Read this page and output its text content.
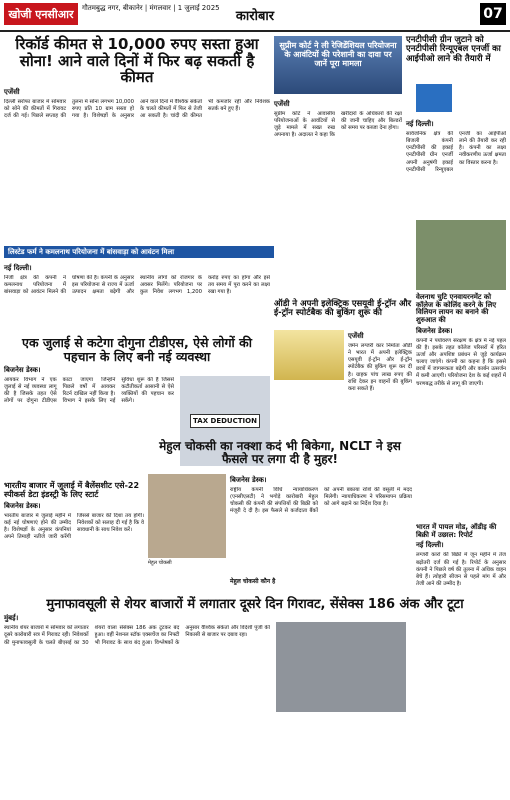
खोजी एनसीआर	गौतमबुद्ध नगर, बीकानेर | मंगलवार | 1 जुलाई 2025
कारोबार	07
रिकॉर्ड कीमत से 10,000 रुपए सस्ता हुआ सोना! आने वाले दिनों में फिर बढ़ सकती है कीमत
एजेंसी
दिल्ली सर्राफा बाजार में सोमवार को सोने की कीमतों में गिरावट दर्ज की गई। पिछले सप्ताह की तुलना में सोना लगभग 10,000 रुपए प्रति 10 ग्राम सस्ता हो गया है। विशेषज्ञों के अनुसार आने वाले दिनों में वैश्विक संकेतों के चलते कीमतों में फिर से तेजी आ सकती है। चांदी की कीमत भी कमजोर रही और निवेशक सतर्क बने हुए हैं।
सुप्रीम कोर्ट ने ली रेजिडेंशियल परियोजना के आवंटियों की परेशानी का दावा पर जानें पूरा मामला
एजेंसी
सुप्रीम कोर्ट ने आवासीय परियोजनाओं के आवंटियों से जुड़े मामले में सख्त रुख अपनाया है। अदालत ने कहा कि खरीदारों के अधिकारों की रक्षा की जानी चाहिए और बिल्डरों को समय पर कब्जा देना होगा।
एनटीपीसी ग्रीन जुटाने को एनटीपीसी रिन्यूएबल एनर्जी का आईपीओ लाने की तैयारी में
नई दिल्ली।
सार्वजनिक क्षेत्र की बिजली कंपनी एनटीपीसी की इकाई एनटीपीसी ग्रीन एनर्जी अपनी अनुषंगी इकाई एनटीपीसी रिन्यूएबल एनर्जी का आईपीओ लाने की तैयारी कर रही है। कंपनी का लक्ष्य नवीकरणीय ऊर्जा क्षमता का विस्तार करना है।
लिस्टेड फर्म ने कमलनाथ परियोजना में बांसवाड़ा को आवंटन मिला
नई दिल्ली।
निजी क्षेत्र की कंपनी ने कमलनाथ परियोजना में बांसवाड़ा को आवंटन मिलने की घोषणा की है। कंपनी के अनुसार इस परियोजना से राज्य में ऊर्जा उत्पादन क्षमता बढ़ेगी और स्थानीय लोगों को रोजगार के अवसर मिलेंगे। परियोजना पर कुल निवेश लगभग 1,200 करोड़ रुपए का होगा और इसे तय समय में पूरा करने का लक्ष्य रखा गया है।
एक जुलाई से कटेगा दोगुना टीडीएस, ऐसे लोगों की पहचान के लिए बनी नई व्यवस्था
बिजनेस डेस्क।
आयकर विभाग ने एक जुलाई से नई व्यवस्था लागू की है जिसके तहत ऐसे लोगों पर दोगुना टीडीएस काटा जाएगा जिन्होंने पिछले वर्षों में आयकर रिटर्न दाखिल नहीं किया है। विभाग ने इसके लिए नई सुविधा शुरू की है जिससे कटौतीकर्ता आसानी से ऐसे व्यक्तियों की पहचान कर सकेंगे।
TAX DEDUCTION
ऑडी ने अपनी इलेक्ट्रिक एसयूवी ई-ट्रॉन और ई-ट्रॉन स्पोर्टबैक की बुकिंग शुरू की
एजेंसी
जर्मन लग्जरी कार निर्माता ऑडी ने भारत में अपनी इलेक्ट्रिक एसयूवी ई-ट्रॉन और ई-ट्रॉन स्पोर्टबैक की बुकिंग शुरू कर दी है। ग्राहक पांच लाख रुपए की राशि देकर इन वाहनों की बुकिंग करा सकते हैं।
वेलनाथ चुटि एनवायरनमेंट को कॉलेज के कोलिंद करने के लिए विलियन लायन का बनाने की शुरुआत की
बिजनेस डेस्क।
कंपनी ने पर्यावरण संरक्षण के क्षेत्र में नई पहल की है। इसके तहत कॉलेज परिसरों में हरित ऊर्जा और अपशिष्ट प्रबंधन से जुड़े कार्यक्रम चलाए जाएंगे। कंपनी का कहना है कि इससे छात्रों में जागरूकता बढ़ेगी और कार्बन उत्सर्जन में कमी आएगी। परियोजना देश के कई शहरों में चरणबद्ध तरीके से लागू की जाएगी।
भारतीय बाजार में जुलाई में बैलेंसशीट एसे-22 स्पीकर्स डेटा इंडस्ट्री के लिए स्टार्ट
बिजनेस डेस्क।
भारतीय बाजार में जुलाई महीने में कई नई घोषणाएं होने की उम्मीद है। विशेषज्ञों के अनुसार कंपनियां अपने तिमाही नतीजे जारी करेंगी जिससे बाजार की दिशा तय होगी। निवेशकों को सलाह दी गई है कि वे सावधानी के साथ निवेश करें।
मेहुल चोकसी का नक्शा कदं भी बिकेगा, NCLT ने इस फैसले पर लगा दी है मुहर!
मेहुल चोकसी
बिजनेस डेस्क।
राष्ट्रीय कंपनी विधि न्यायाधिकरण (एनसीएलटी) ने भगोड़े कारोबारी मेहुल चोकसी की कंपनी की संपत्तियों की बिक्री को मंजूरी दे दी है। इस फैसले से कर्जदाता बैंकों को अपनी बकाया राशि की वसूली में मदद मिलेगी। न्यायाधिकरण ने परिसमापन प्रक्रिया को आगे बढ़ाने का निर्देश दिया है।
मेहुल चोकसी कौन है
भारत में पायल मोड, ऑडीइ की बिक्री में उछाल: रिपोर्ट
नई दिल्ली।
लग्जरी कारों की बिक्री में जून महीने में तेज बढ़ोतरी दर्ज की गई है। रिपोर्ट के अनुसार कंपनी ने पिछले वर्ष की तुलना में अधिक वाहन बेचे हैं। त्योहारी सीजन से पहले मांग में और तेजी आने की उम्मीद है।
मुनाफावसूली से शेयर बाजारों में लगातार दूसरे दिन गिरावट, सेंसेक्स 186 अंक और टूटा
मुंबई।
स्थानीय शेयर बाजारों में सोमवार को लगातार दूसरे कारोबारी सत्र में गिरावट रही। निवेशकों की मुनाफावसूली के चलते बीएसई का 30 शेयरों वाला सेंसेक्स 186 अंक टूटकर बंद हुआ। वहीं नेशनल स्टॉक एक्सचेंज का निफ्टी भी गिरावट के साथ बंद हुआ। विश्लेषकों के अनुसार वैश्विक संकेतों और विदेशी पूंजी की निकासी से बाजार पर दबाव रहा।
